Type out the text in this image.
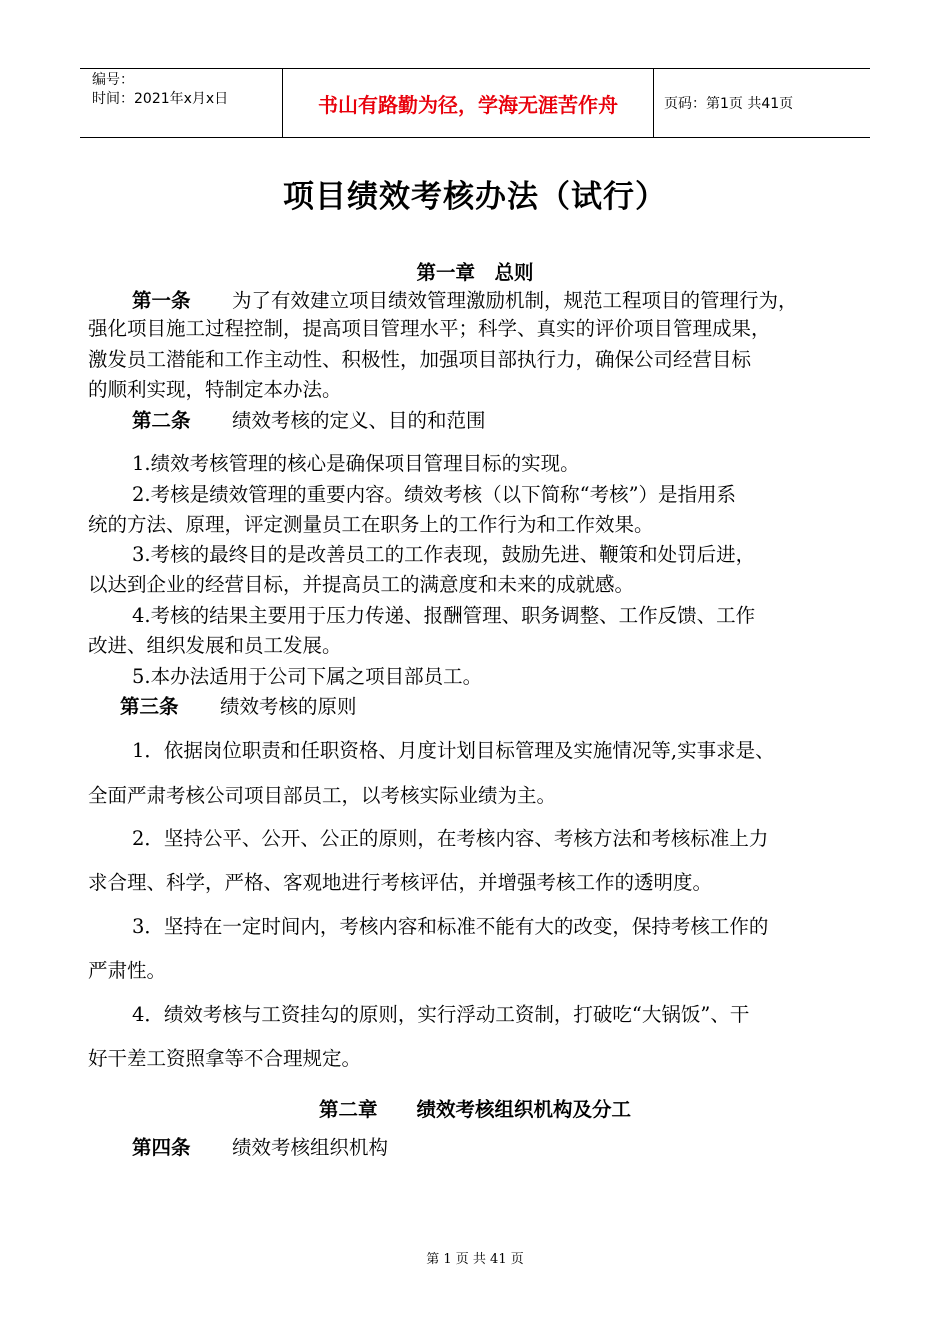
编号：
时间：2021年x月x日	书山有路勤为径，学海无涯苦作舟	页码：第1页 共41页
项目绩效考核办法（试行）
第一章　总则
第一条 为了有效建立项目绩效管理激励机制，规范工程项目的管理行为，
强化项目施工过程控制，提高项目管理水平；科学、真实的评价项目管理成果，
激发员工潜能和工作主动性、积极性，加强项目部执行力，确保公司经营目标
的顺利实现，特制定本办法。
第二条 绩效考核的定义、目的和范围
1.绩效考核管理的核心是确保项目管理目标的实现。
2.考核是绩效管理的重要内容。绩效考核（以下简称“考核”）是指用系
统的方法、原理，评定测量员工在职务上的工作行为和工作效果。
3.考核的最终目的是改善员工的工作表现，鼓励先进、鞭策和处罚后进，
以达到企业的经营目标，并提高员工的满意度和未来的成就感。
4.考核的结果主要用于压力传递、报酬管理、职务调整、工作反馈、工作
改进、组织发展和员工发展。
5.本办法适用于公司下属之项目部员工。
第三条 绩效考核的原则
1．依据岗位职责和任职资格、月度计划目标管理及实施情况等,实事求是、
全面严肃考核公司项目部员工，以考核实际业绩为主。
2．坚持公平、公开、公正的原则，在考核内容、考核方法和考核标准上力
求合理、科学，严格、客观地进行考核评估，并增强考核工作的透明度。
3．坚持在一定时间内，考核内容和标准不能有大的改变，保持考核工作的
严肃性。
4．绩效考核与工资挂勾的原则，实行浮动工资制，打破吃“大锅饭”、干
好干差工资照拿等不合理规定。
第二章　　绩效考核组织机构及分工
第四条 绩效考核组织机构
第 1 页 共 41 页
